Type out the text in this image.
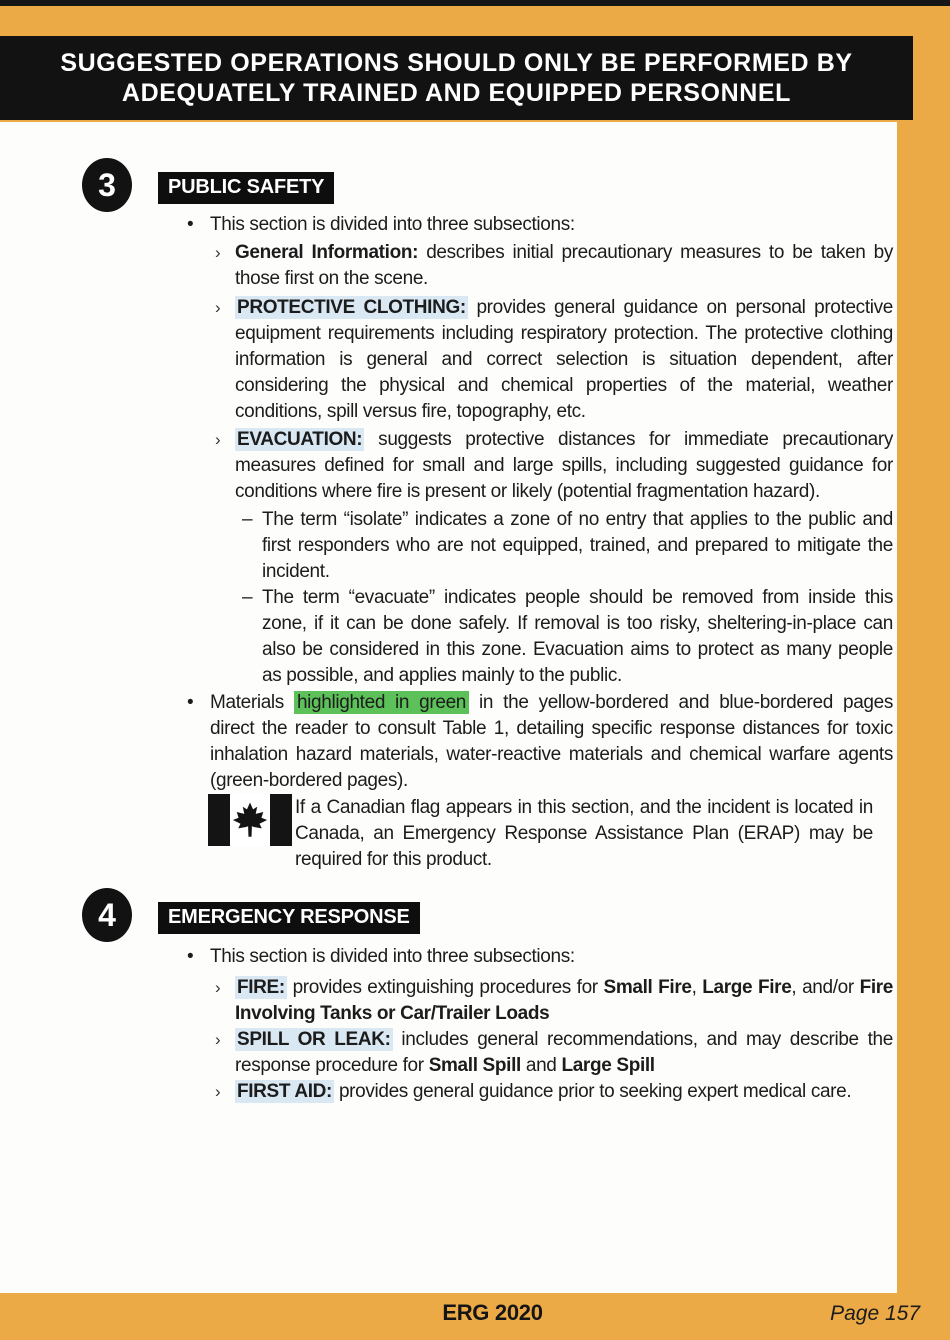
SUGGESTED OPERATIONS SHOULD ONLY BE PERFORMED BY
ADEQUATELY TRAINED AND EQUIPPED PERSONNEL
3	PUBLIC SAFETY
• This section is divided into three subsections:
› General Information: describes initial precautionary measures to be taken by those first on the scene.
› PROTECTIVE CLOTHING: provides general guidance on personal protective equipment requirements including respiratory protection. The protective clothing information is general and correct selection is situation dependent, after considering the physical and chemical properties of the material, weather conditions, spill versus fire, topography, etc.
› EVACUATION: suggests protective distances for immediate precautionary measures defined for small and large spills, including suggested guidance for conditions where fire is present or likely (potential fragmentation hazard).
– The term “isolate” indicates a zone of no entry that applies to the public and first responders who are not equipped, trained, and prepared to mitigate the incident.
– The term “evacuate” indicates people should be removed from inside this zone, if it can be done safely. If removal is too risky, sheltering-in-place can also be considered in this zone. Evacuation aims to protect as many people as possible, and applies mainly to the public.
• Materials highlighted in green in the yellow-bordered and blue-bordered pages direct the reader to consult Table 1, detailing specific response distances for toxic inhalation hazard materials, water-reactive materials and chemical warfare agents (green-bordered pages).
If a Canadian flag appears in this section, and the incident is located in Canada, an Emergency Response Assistance Plan (ERAP) may be required for this product.
4	EMERGENCY RESPONSE
• This section is divided into three subsections:
› FIRE: provides extinguishing procedures for Small Fire, Large Fire, and/or Fire Involving Tanks or Car/Trailer Loads
› SPILL OR LEAK: includes general recommendations, and may describe the response procedure for Small Spill and Large Spill
› FIRST AID: provides general guidance prior to seeking expert medical care.
ERG 2020	Page 157
